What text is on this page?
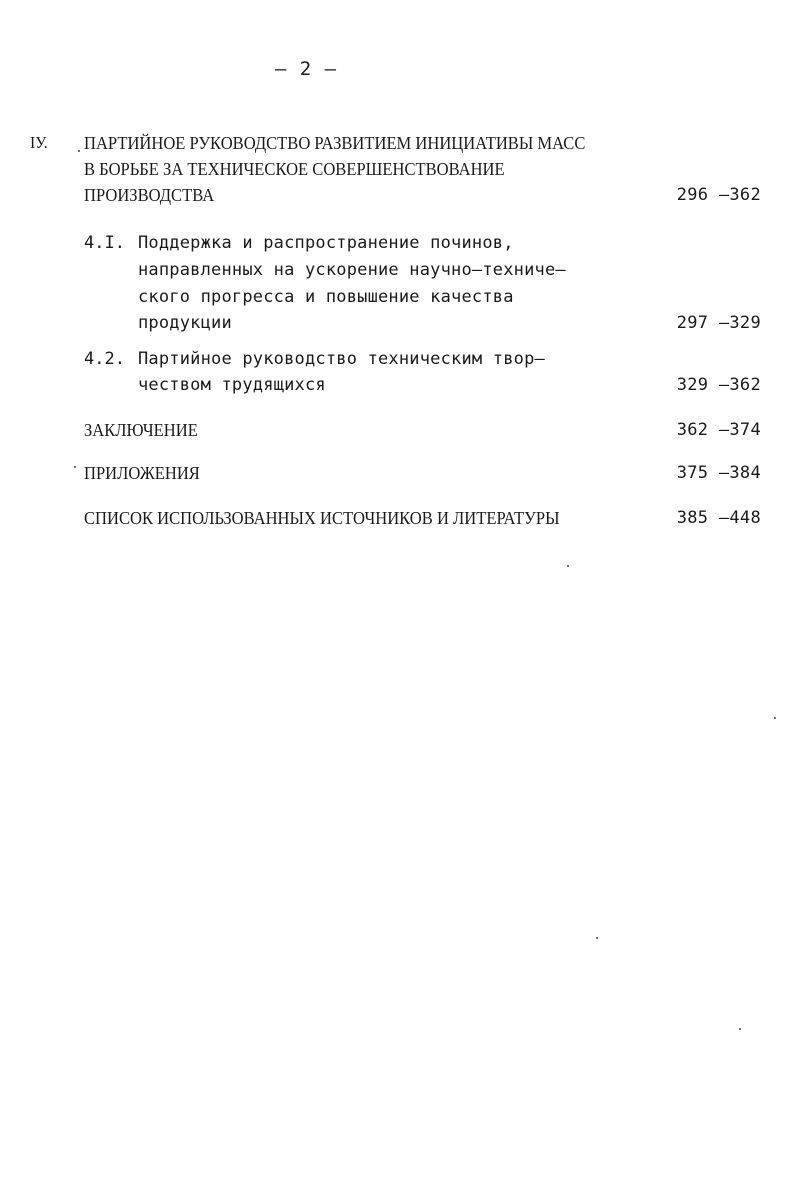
– 2 –
IУ. ПАРТИЙНОЕ РУКОВОДСТВО РАЗВИТИЕМ ИНИЦИАТИВЫ МАСС
В БОРЬБЕ ЗА ТЕХНИЧЕСКОЕ СОВЕРШЕНСТВОВАНИЕ
ПРОИЗВОДСТВА	296 –362
4.I. Поддержка и распространение починов,
направленных на ускорение научно–техниче–
ского прогресса и повышение качества
продукции	297 –329
4.2. Партийное руководство техническим твор–
чеством трудящихся	329 –362
ЗАКЛЮЧЕНИЕ	362 –374
ПРИЛОЖЕНИЯ	375 –384
СПИСОК ИСПОЛЬЗОВАННЫХ ИСТОЧНИКОВ И ЛИТЕРАТУРЫ	385 –448
